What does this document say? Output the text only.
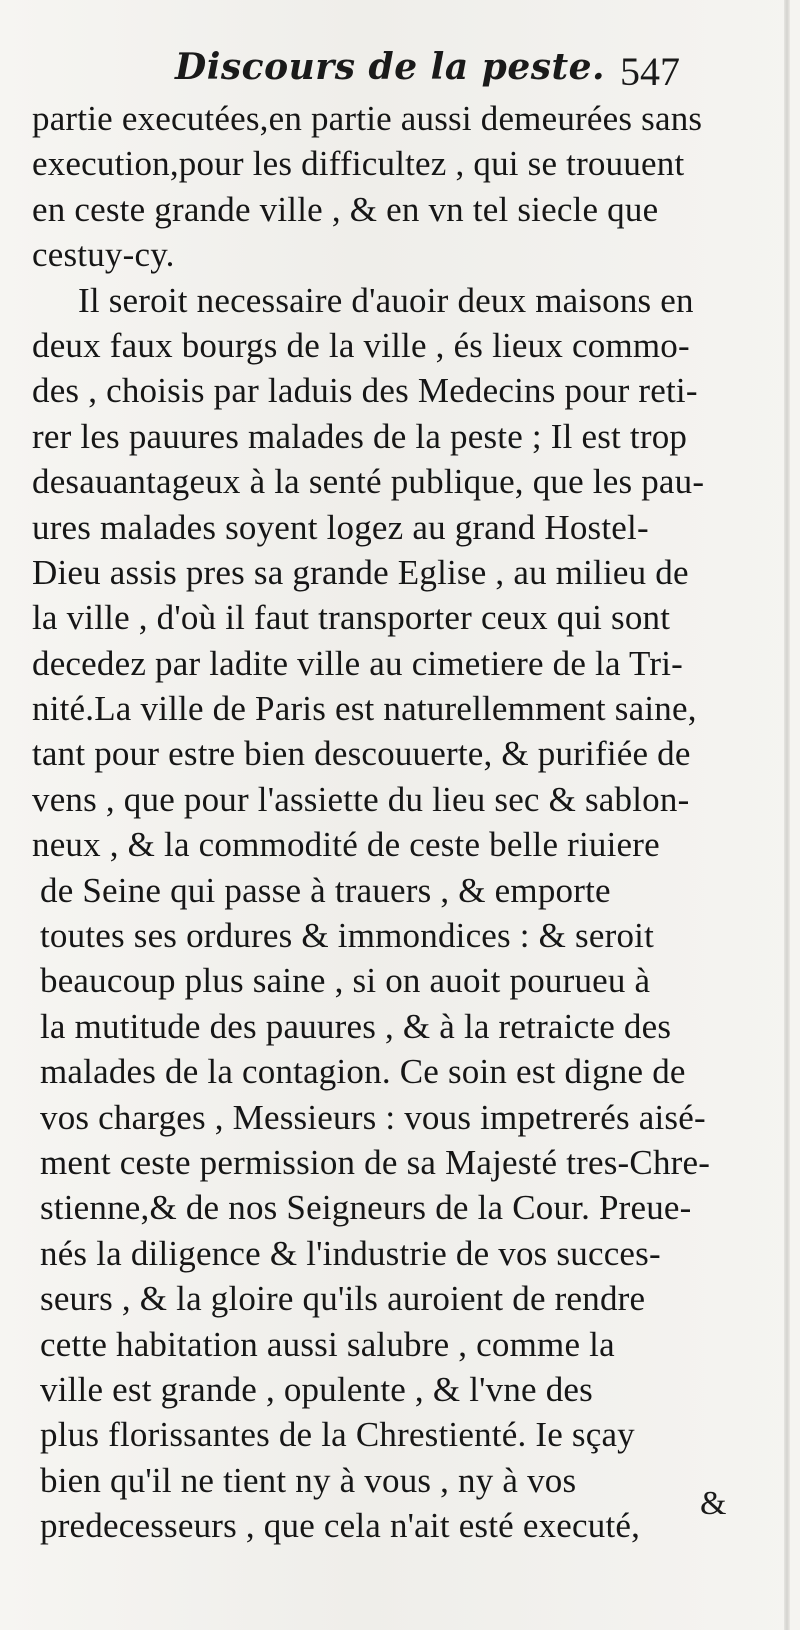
Discours de la peste. 547
partie executées,en partie aussi demeurées sans
execution,pour les difficultez , qui se trouuent
en ceste grande ville , & en vn tel siecle que
cestuy-cy.
Il seroit necessaire d'auoir deux maisons en
deux faux bourgs de la ville , és lieux commo-
des , choisis par laduis des Medecins pour reti-
rer les pauures malades de la peste ; Il est trop
desauantageux à la senté publique, que les pau-
ures malades soyent logez au grand Hostel-
Dieu assis pres sa grande Eglise , au milieu de
la ville , d'où il faut transporter ceux qui sont
decedez par ladite ville au cimetiere de la Tri-
nité.La ville de Paris est naturellemment saine,
tant pour estre bien descouuerte, & purifiée de
vens , que pour l'assiette du lieu sec & sablon-
neux , & la commodité de ceste belle riuiere
de Seine qui passe à trauers , & emporte
toutes ses ordures & immondices : & seroit
beaucoup plus saine , si on auoit pourueu à
la mutitude des pauures , & à la retraicte des
malades de la contagion. Ce soin est digne de
vos charges , Messieurs : vous impetrerés aisé-
ment ceste permission de sa Majesté tres-Chre-
stienne,& de nos Seigneurs de la Cour. Preue-
nés la diligence & l'industrie de vos succes-
seurs , & la gloire qu'ils auroient de rendre
cette habitation aussi salubre , comme la
ville est grande , opulente , & l'vne des
plus florissantes de la Chrestienté. Ie sçay
bien qu'il ne tient ny à vous , ny à vos
predecesseurs , que cela n'ait esté executé,
&
